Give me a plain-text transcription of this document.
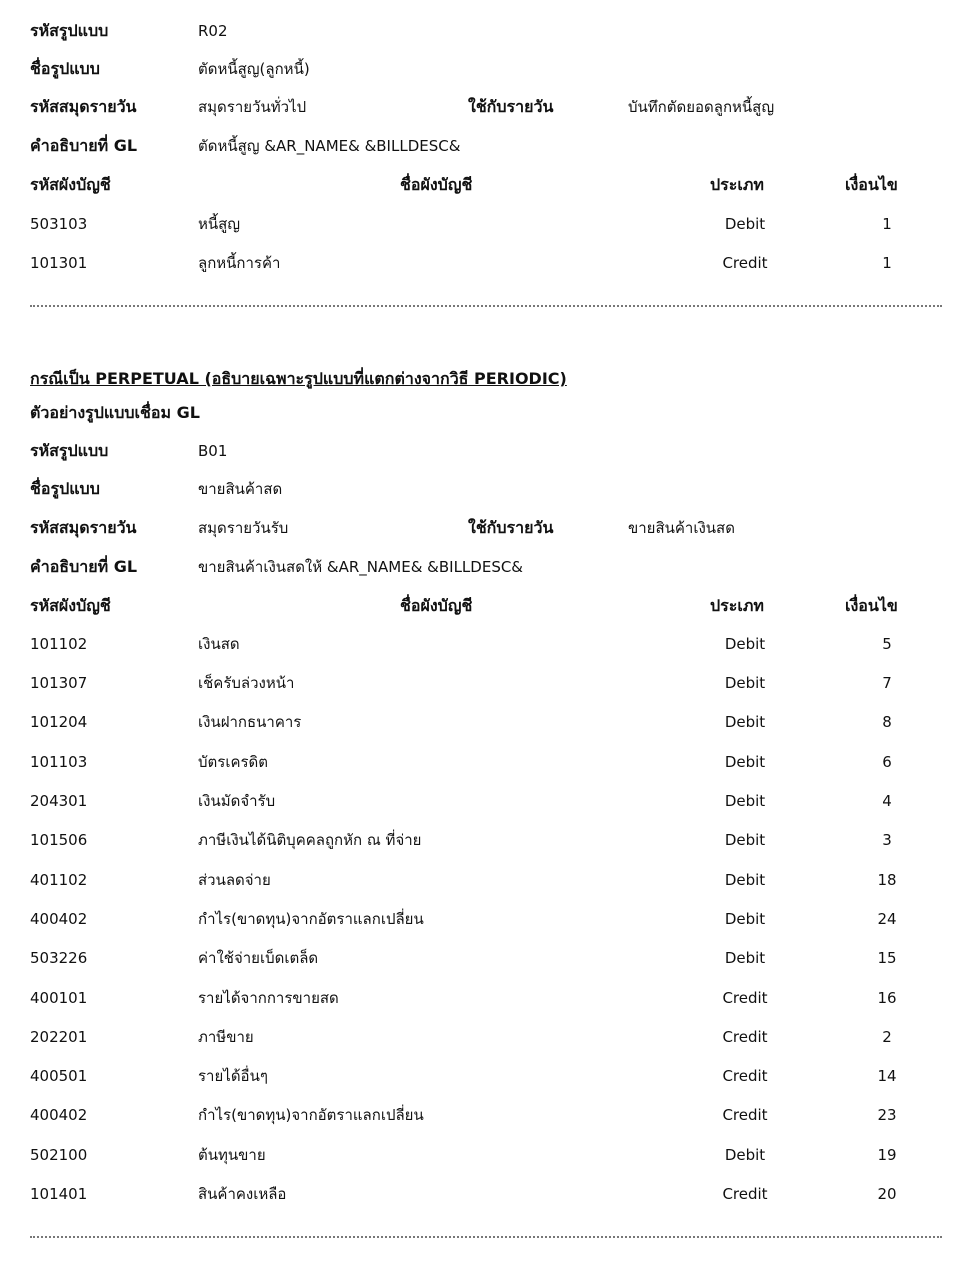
รหัสรูปแบบ	R02
ชื่อรูปแบบ	ตัดหนี้สูญ(ลูกหนี้)
รหัสสมุดรายวัน	สมุดรายวันทั่วไป	ใช้กับรายวัน	บันทึกตัดยอดลูกหนี้สูญ
คำอธิบายที่ GL	ตัดหนี้สูญ &AR_NAME& &BILLDESC&
รหัสผังบัญชี	ชื่อผังบัญชี	ประเภท	เงื่อนไข
503103	หนี้สูญ	Debit	1
101301	ลูกหนี้การค้า	Credit	1
กรณีเป็น PERPETUAL (อธิบายเฉพาะรูปแบบที่แตกต่างจากวิธี PERIODIC)
ตัวอย่างรูปแบบเชื่อม GL
รหัสรูปแบบ	B01
ชื่อรูปแบบ	ขายสินค้าสด
รหัสสมุดรายวัน	สมุดรายวันรับ	ใช้กับรายวัน	ขายสินค้าเงินสด
คำอธิบายที่ GL	ขายสินค้าเงินสดให้ &AR_NAME& &BILLDESC&
รหัสผังบัญชี	ชื่อผังบัญชี	ประเภท	เงื่อนไข
101102	เงินสด	Debit	5
101307	เช็ครับล่วงหน้า	Debit	7
101204	เงินฝากธนาคาร	Debit	8
101103	บัตรเครดิต	Debit	6
204301	เงินมัดจำรับ	Debit	4
101506	ภาษีเงินได้นิติบุคคลถูกหัก ณ ที่จ่าย	Debit	3
401102	ส่วนลดจ่าย	Debit	18
400402	กำไร(ขาดทุน)จากอัตราแลกเปลี่ยน	Debit	24
503226	ค่าใช้จ่ายเบ็ดเตล็ด	Debit	15
400101	รายได้จากการขายสด	Credit	16
202201	ภาษีขาย	Credit	2
400501	รายได้อื่นๆ	Credit	14
400402	กำไร(ขาดทุน)จากอัตราแลกเปลี่ยน	Credit	23
502100	ต้นทุนขาย	Debit	19
101401	สินค้าคงเหลือ	Credit	20
